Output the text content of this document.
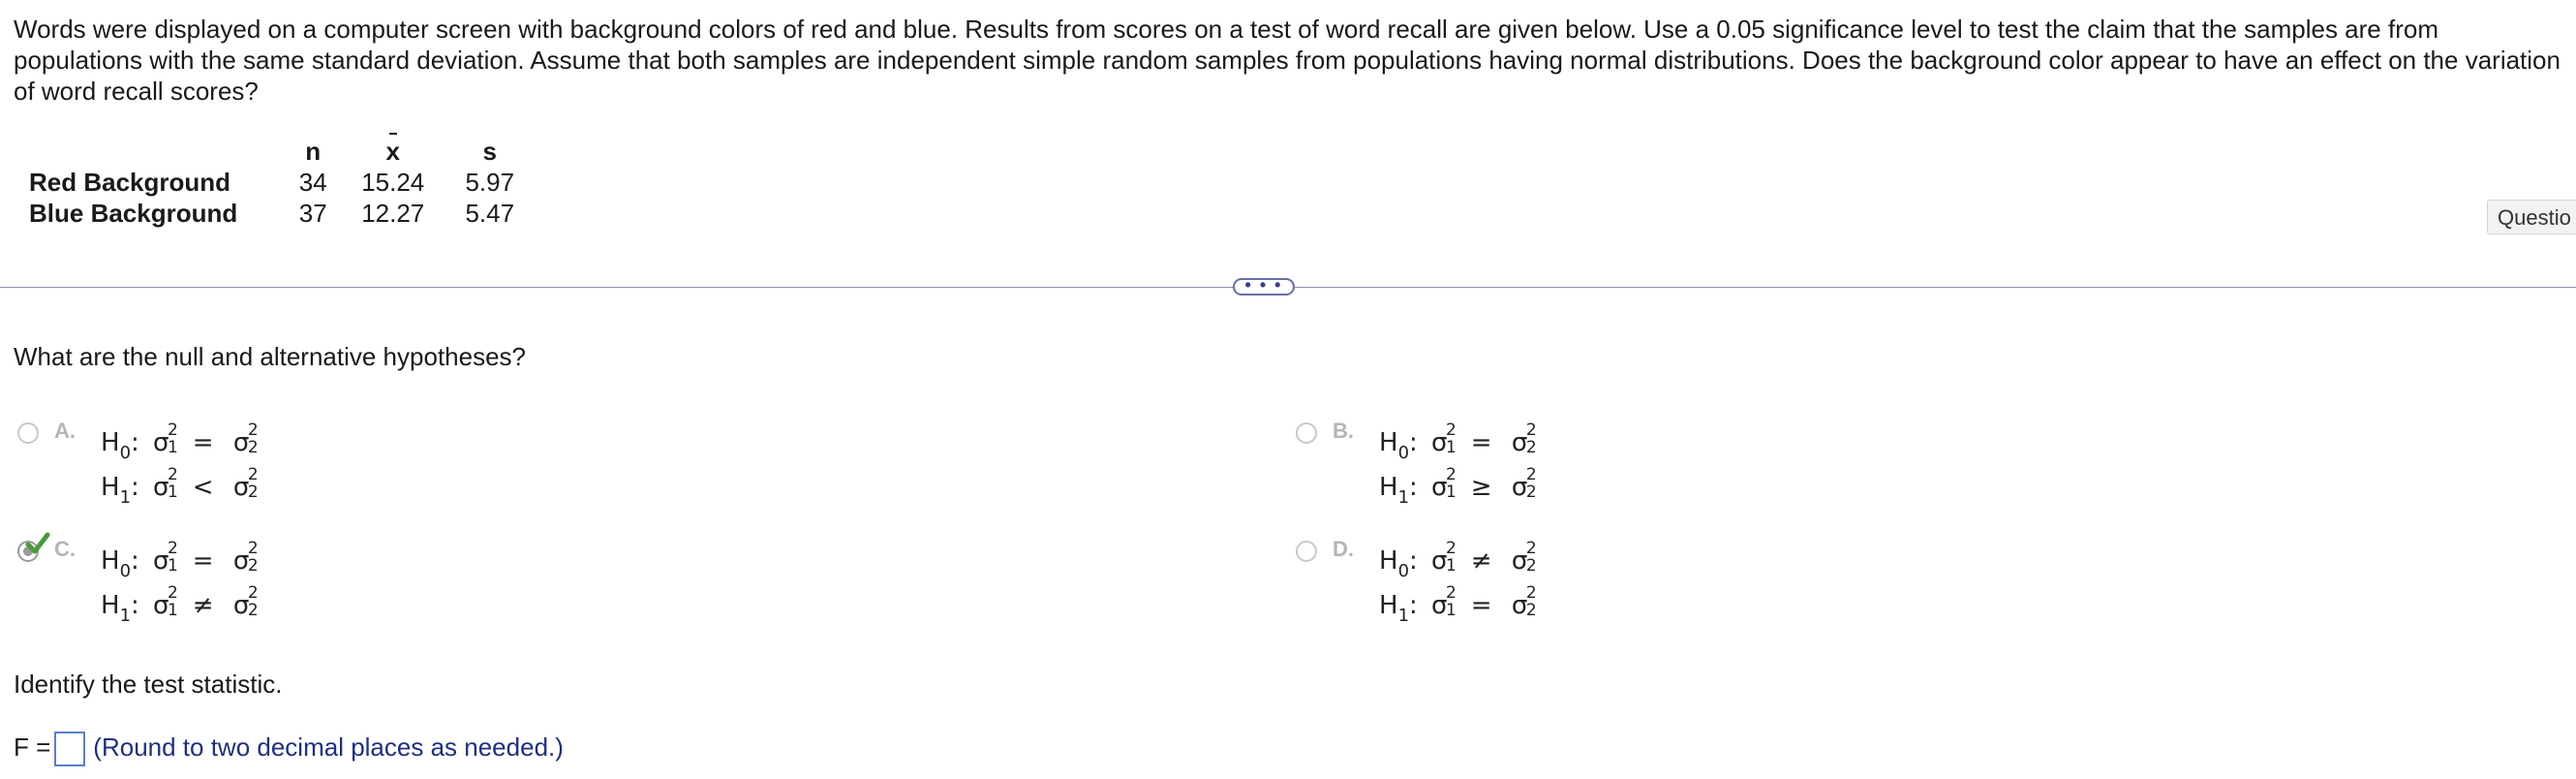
Words were displayed on a computer screen with background colors of red and blue. Results from scores on a test of word recall are given below. Use a 0.05 significance level to test the claim that the samples are from populations with the same standard deviation. Assume that both samples are independent simple random samples from populations having normal distributions. Does the background color appear to have an effect on the variation of word recall scores?
	n	x	s
Red Background	34	15.24	5.97
Blue Background	37	12.27	5.47	Questio
• • •
What are the null and alternative hypotheses?
A. $H_0$: σ
2
1 = σ
2
2
$H_1$: σ
2
1 < σ
2
2
B. $H_0$: σ
2
1 = σ
2
2
$H_1$: σ
2
1 ≥ σ
2
2
C. $H_0$: σ
2
1 = σ
2
2
$H_1$: σ
2
1 ≠ σ
2
2
D. $H_0$: σ
2
1 ≠ σ
2
2
$H_1$: σ
2
1 = σ
2
2
Identify the test statistic.
F = (Round to two decimal places as needed.)
